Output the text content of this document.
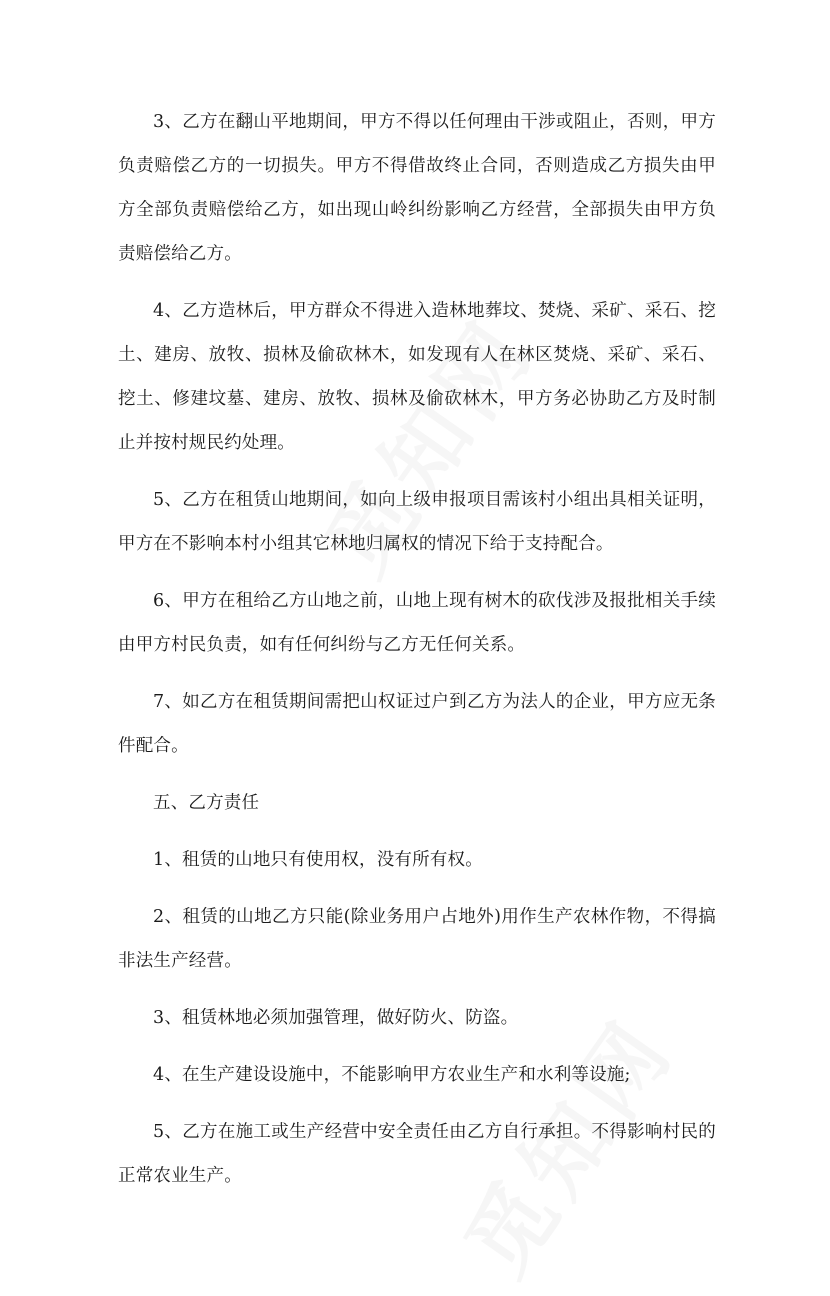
3、乙方在翻山平地期间，甲方不得以任何理由干涉或阻止，否则，甲方负责赔偿乙方的一切损失。甲方不得借故终止合同，否则造成乙方损失由甲方全部负责赔偿给乙方，如出现山岭纠纷影响乙方经营，全部损失由甲方负责赔偿给乙方。

4、乙方造林后，甲方群众不得进入造林地葬坟、焚烧、采矿、采石、挖土、建房、放牧、损林及偷砍林木，如发现有人在林区焚烧、采矿、采石、挖土、修建坟墓、建房、放牧、损林及偷砍林木，甲方务必协助乙方及时制止并按村规民约处理。

5、乙方在租赁山地期间，如向上级申报项目需该村小组出具相关证明，甲方在不影响本村小组其它林地归属权的情况下给于支持配合。

6、甲方在租给乙方山地之前，山地上现有树木的砍伐涉及报批相关手续由甲方村民负责，如有任何纠纷与乙方无任何关系。

7、如乙方在租赁期间需把山权证过户到乙方为法人的企业，甲方应无条件配合。

五、乙方责任

1、租赁的山地只有使用权，没有所有权。

2、租赁的山地乙方只能(除业务用户占地外)用作生产农林作物，不得搞非法生产经营。

3、租赁林地必须加强管理，做好防火、防盗。

4、在生产建设设施中，不能影响甲方农业生产和水利等设施;

5、乙方在施工或生产经营中安全责任由乙方自行承担。不得影响村民的正常农业生产。
